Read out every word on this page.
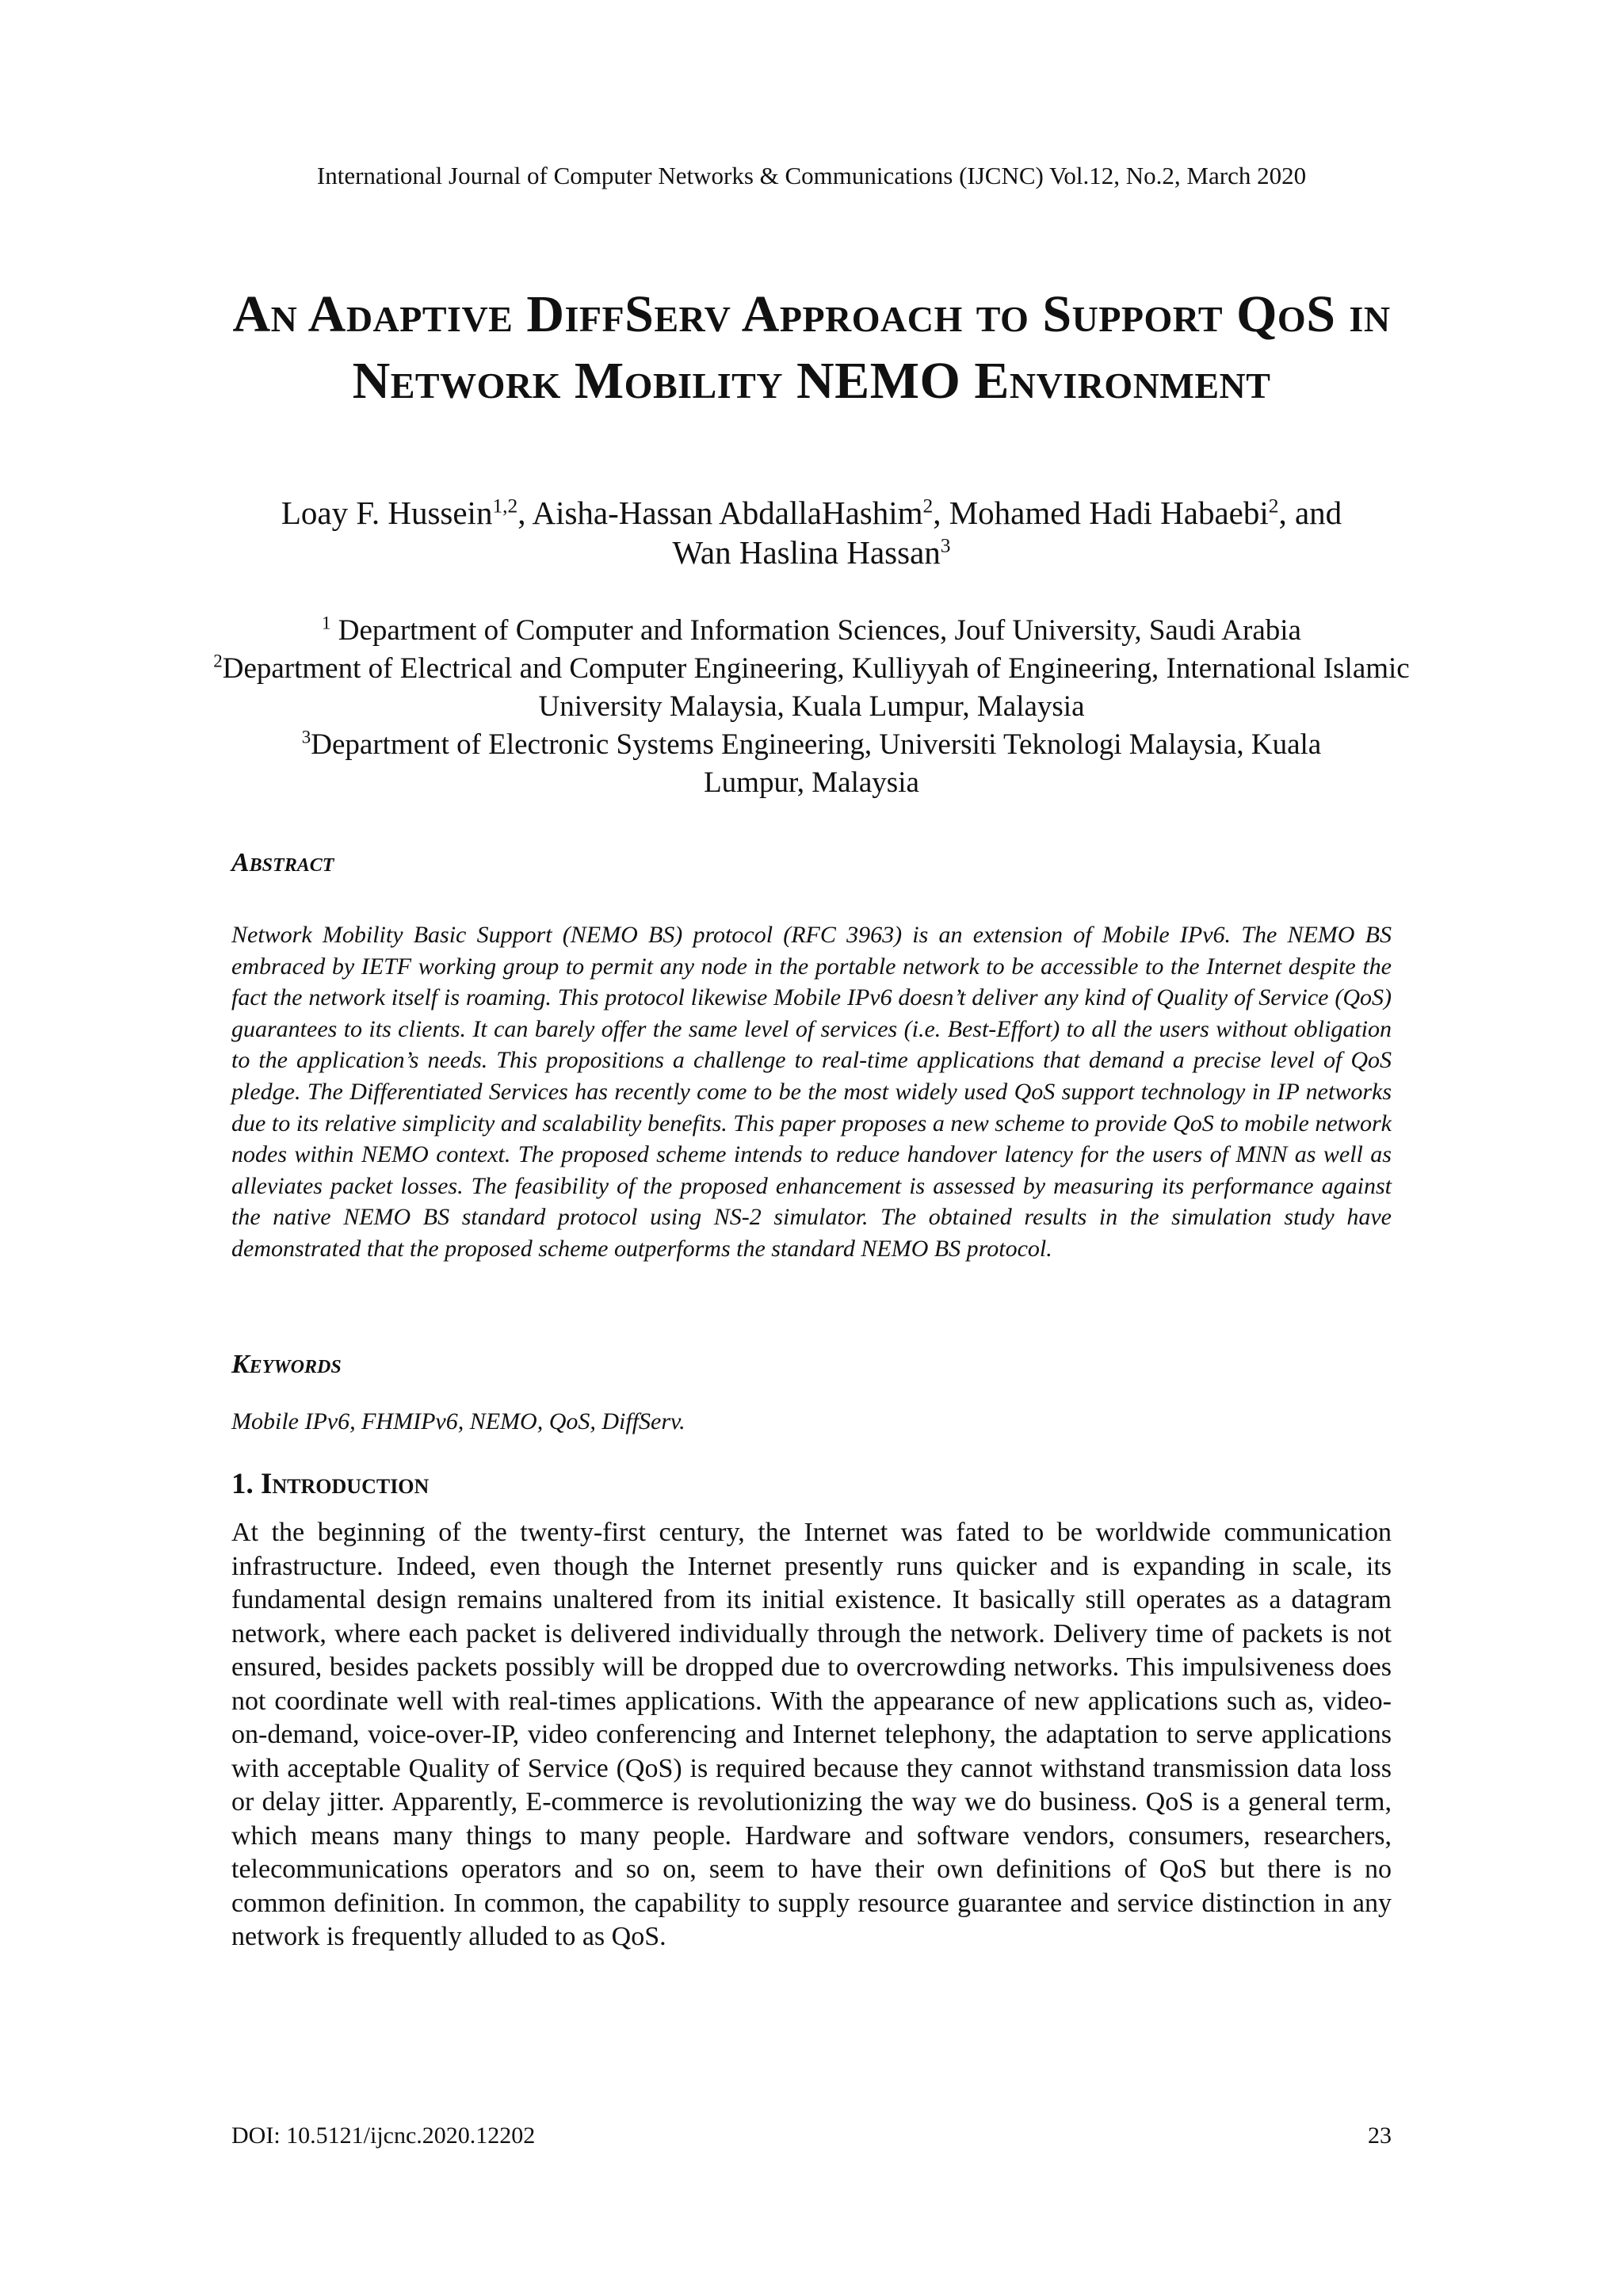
International Journal of Computer Networks & Communications (IJCNC) Vol.12, No.2, March 2020
An Adaptive DiffServ Approach to Support QoS in Network Mobility NEMO Environment
Loay F. Hussein$^{1,2}$, Aisha-Hassan AbdallaHashim$^2$, Mohamed Hadi Habaebi$^2$, and
Wan Haslina Hassan$^3$
$^1$ Department of Computer and Information Sciences, Jouf University, Saudi Arabia
$^2$Department of Electrical and Computer Engineering, Kulliyyah of Engineering, International Islamic University Malaysia, Kuala Lumpur, Malaysia
$^3$Department of Electronic Systems Engineering, Universiti Teknologi Malaysia, Kuala Lumpur, Malaysia
Abstract
Network Mobility Basic Support (NEMO BS) protocol (RFC 3963) is an extension of Mobile IPv6. The NEMO BS embraced by IETF working group to permit any node in the portable network to be accessible to the Internet despite the fact the network itself is roaming. This protocol likewise Mobile IPv6 doesn’t deliver any kind of Quality of Service (QoS) guarantees to its clients. It can barely offer the same level of services (i.e. Best-Effort) to all the users without obligation to the application’s needs. This propositions a challenge to real-time applications that demand a precise level of QoS pledge. The Differentiated Services has recently come to be the most widely used QoS support technology in IP networks due to its relative simplicity and scalability benefits. This paper proposes a new scheme to provide QoS to mobile network nodes within NEMO context. The proposed scheme intends to reduce handover latency for the users of MNN as well as alleviates packet losses. The feasibility of the proposed enhancement is assessed by measuring its performance against the native NEMO BS standard protocol using NS-2 simulator. The obtained results in the simulation study have demonstrated that the proposed scheme outperforms the standard NEMO BS protocol.
Keywords
Mobile IPv6, FHMIPv6, NEMO, QoS, DiffServ.
1. Introduction
At the beginning of the twenty-first century, the Internet was fated to be worldwide communication infrastructure. Indeed, even though the Internet presently runs quicker and is expanding in scale, its fundamental design remains unaltered from its initial existence. It basically still operates as a datagram network, where each packet is delivered individually through the network. Delivery time of packets is not ensured, besides packets possibly will be dropped due to overcrowding networks. This impulsiveness does not coordinate well with real-times applications. With the appearance of new applications such as, video-on-demand, voice-over-IP, video conferencing and Internet telephony, the adaptation to serve applications with acceptable Quality of Service (QoS) is required because they cannot withstand transmission data loss or delay jitter. Apparently, E-commerce is revolutionizing the way we do business. QoS is a general term, which means many things to many people. Hardware and software vendors, consumers, researchers, telecommunications operators and so on, seem to have their own definitions of QoS but there is no common definition. In common, the capability to supply resource guarantee and service distinction in any network is frequently alluded to as QoS.
DOI: 10.5121/ijcnc.2020.12202	23
